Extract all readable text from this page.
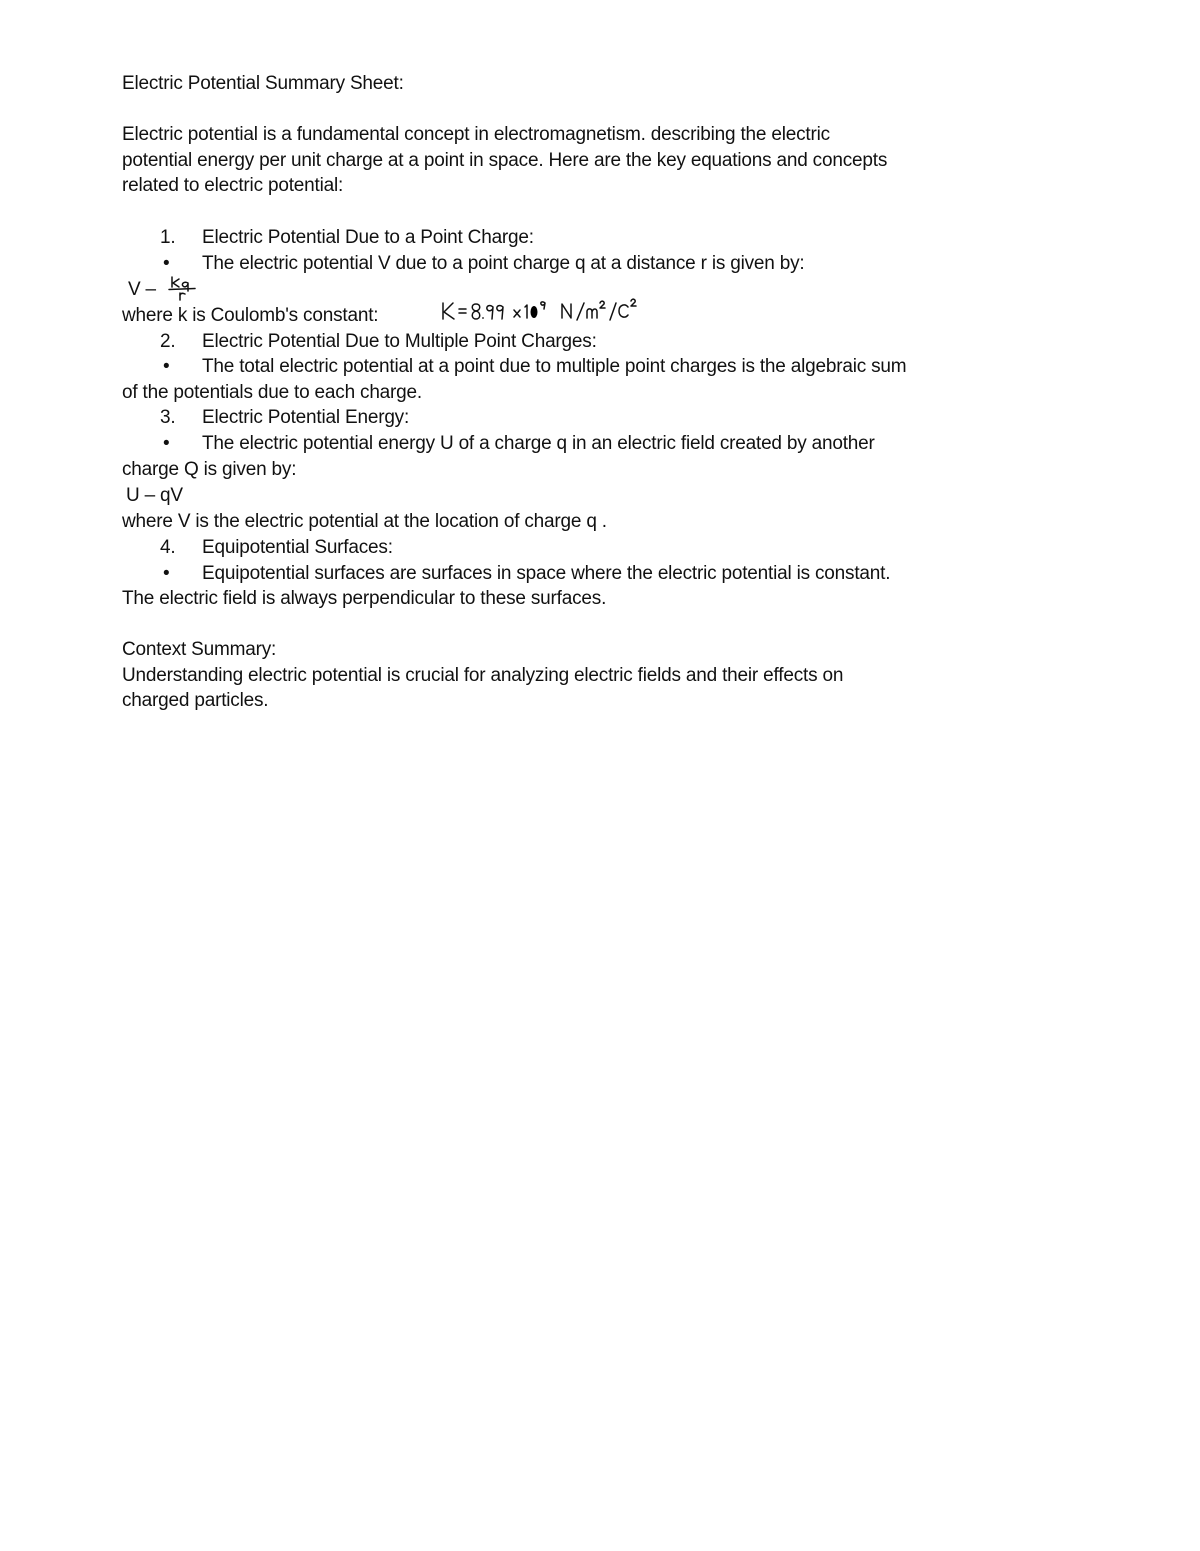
Electric Potential Summary Sheet:
Electric potential is a fundamental concept in electromagnetism. describing the electric
potential energy per unit charge at a point in space. Here are the key equations and concepts
related to electric potential:
1. Electric Potential Due to a Point Charge:
• The electric potential V due to a point charge q at a distance r is given by:
V –
where k is Coulomb's constant:
2. Electric Potential Due to Multiple Point Charges:
• The total electric potential at a point due to multiple point charges is the algebraic sum
of the potentials due to each charge.
3. Electric Potential Energy:
• The electric potential energy U of a charge q in an electric field created by another
charge Q is given by:
U – qV
where V is the electric potential at the location of charge q .
4. Equipotential Surfaces:
• Equipotential surfaces are surfaces in space where the electric potential is constant.
The electric field is always perpendicular to these surfaces.
Context Summary:
Understanding electric potential is crucial for analyzing electric fields and their effects on
charged particles.
